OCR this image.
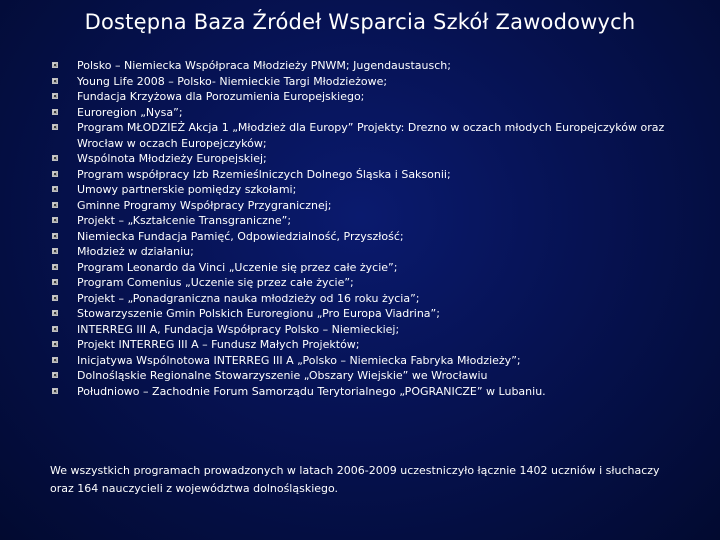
Dostępna Baza Źródeł Wsparcia Szkół Zawodowych
Polsko – Niemiecka Współpraca Młodzieży PNWM; Jugendaustausch;
Young Life 2008 – Polsko- Niemieckie Targi Młodzieżowe;
Fundacja Krzyżowa dla Porozumienia Europejskiego;
Euroregion „Nysa”;
Program MŁODZIEŻ Akcja 1 „Młodzież dla Europy” Projekty: Drezno w oczach młodych Europejczyków oraz Wrocław w oczach Europejczyków;
Wspólnota Młodzieży Europejskiej;
Program współpracy Izb Rzemieślniczych Dolnego Śląska i Saksonii;
Umowy partnerskie pomiędzy szkołami;
Gminne Programy Współpracy Przygranicznej;
Projekt – „Kształcenie Transgraniczne”;
Niemiecka Fundacja Pamięć, Odpowiedzialność, Przyszłość;
Młodzież w działaniu;
Program Leonardo da Vinci „Uczenie się przez całe życie”;
Program Comenius „Uczenie się przez całe życie”;
Projekt – „Ponadgraniczna nauka młodzieży od 16 roku życia”;
Stowarzyszenie Gmin Polskich Euroregionu „Pro Europa Viadrina”;
INTERREG III A, Fundacja Współpracy Polsko – Niemieckiej;
Projekt INTERREG III A – Fundusz Małych Projektów;
Inicjatywa Wspólnotowa INTERREG III A „Polsko – Niemiecka Fabryka Młodzieży”;
Dolnośląskie Regionalne Stowarzyszenie „Obszary Wiejskie” we Wrocławiu
Południowo – Zachodnie Forum Samorządu Terytorialnego „POGRANICZE” w Lubaniu.
We wszystkich programach prowadzonych w latach 2006-2009 uczestniczyło łącznie 1402 uczniów i słuchaczy oraz 164 nauczycieli z województwa dolnośląskiego.
